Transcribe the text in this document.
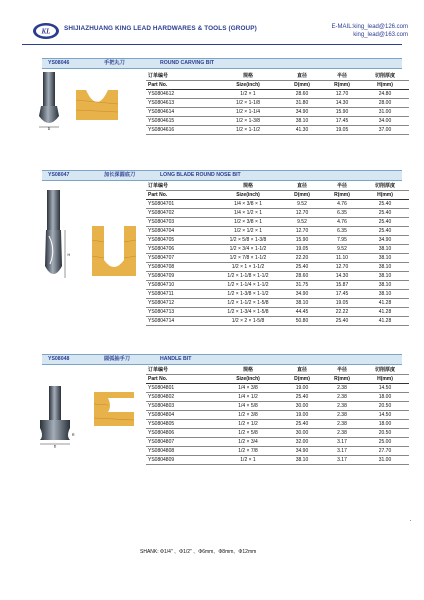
KL SHIJIAZHUANG KING LEAD HARDWARES & TOOLS (GROUP)	E-MAIL:king_lead@126.com
king_lead@163.com
YS08046	手把丸刀	ROUND CARVING BIT
D
订单编号	规格	直径	半径	切削厚度
Part No.	Size(inch)	D(mm)	R(mm)	H(mm)
YS0804612	1/2 × 1	28.60	12.70	24.80
YS0804613	1/2 × 1-1/8	31.80	14.30	28.00
YS0804614	1/2 × 1-1/4	34.90	15.90	31.00
YS0804615	1/2 × 1-3/8	38.10	17.45	34.00
YS0804616	1/2 × 1-1/2	41.30	19.05	37.00
YS08047	加长深圆底刀	LONG BLADE ROUND NOSE BIT
H
订单编号	规格	直径	半径	切削厚度
Part No.	Size(inch)	D(mm)	R(mm)	H(mm)
YS0804701	1/4 × 3/8 × 1	9.52	4.76	25.40
YS0804702	1/4 × 1/2 × 1	12.70	6.35	25.40
YS0804703	1/2 × 3/8 × 1	9.52	4.76	25.40
YS0804704	1/2 × 1/2 × 1	12.70	6.35	25.40
YS0804705	1/2 × 5/8 × 1-3/8	15.90	7.95	34.90
YS0804706	1/2 × 3/4 × 1-1/2	19.05	9.52	38.10
YS0804707	1/2 × 7/8 × 1-1/2	22.20	11.10	38.10
YS0804708	1/2 × 1 × 1-1/2	25.40	12.70	38.10
YS0804709	1/2 × 1-1/8 × 1-1/2	28.60	14.30	38.10
YS0804710	1/2 × 1-1/4 × 1-1/2	31.75	15.87	38.10
YS0804711	1/2 × 1-3/8 × 1-1/2	34.90	17.45	38.10
YS0804712	1/2 × 1-1/2 × 1-5/8	38.10	19.05	41.28
YS0804713	1/2 × 1-3/4 × 1-5/8	44.45	22.22	41.28
YS0804714	1/2 × 2 × 1-5/8	50.80	25.40	41.28
YS08048	圆弧抽手刀	HANDLE BIT
D
R
订单编号	规格	直径	半径	切削厚度
Part No.	Size(inch)	D(mm)	R(mm)	H(mm)
YS0804801	1/4 × 3/8	19.00	2.38	14.50
YS0804802	1/4 × 1/2	25.40	2.38	18.00
YS0804803	1/4 × 5/8	30.00	2.38	20.50
YS0804804	1/2 × 3/8	19.00	2.38	14.50
YS0804805	1/2 × 1/2	25.40	2.38	18.00
YS0804806	1/2 × 5/8	30.00	2.38	20.50
YS0804807	1/2 × 3/4	32.00	3.17	25.00
YS0804808	1/2 × 7/8	34.90	3.17	27.70
YS0804809	1/2 × 1	38.10	3.17	31.00
SHANK: Φ1/4" 、Φ1/2" 、Φ6mm、Φ8mm、Φ12mm
